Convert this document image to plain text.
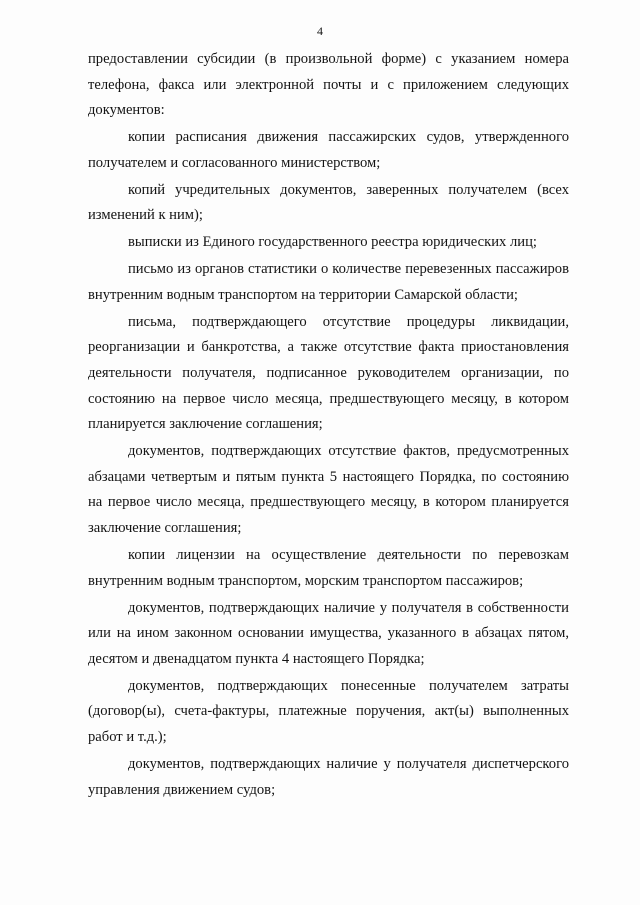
4

предоставлении субсидии (в произвольной форме) с указанием номера телефона, факса или электронной почты и с приложением следующих документов:

копии расписания движения пассажирских судов, утвержденного получателем и согласованного министерством;

копий учредительных документов, заверенных получателем (всех изменений к ним);

выписки из Единого государственного реестра юридических лиц;

письмо из органов статистики о количестве перевезенных пассажиров внутренним водным транспортом на территории Самарской области;

письма, подтверждающего отсутствие процедуры ликвидации, реорганизации и банкротства, а также отсутствие факта приостановления деятельности получателя, подписанное руководителем организации, по состоянию на первое число месяца, предшествующего месяцу, в котором планируется заключение соглашения;

документов, подтверждающих отсутствие фактов, предусмотренных абзацами четвертым и пятым пункта 5 настоящего Порядка, по состоянию на первое число месяца, предшествующего месяцу, в котором планируется заключение соглашения;

копии лицензии на осуществление деятельности по перевозкам внутренним водным транспортом, морским транспортом пассажиров;

документов, подтверждающих наличие у получателя в собственности или на ином законном основании имущества, указанного в абзацах пятом, десятом и двенадцатом пункта 4 настоящего Порядка;

документов, подтверждающих понесенные получателем затраты (договор(ы), счета-фактуры, платежные поручения, акт(ы) выполненных работ и т.д.);

документов, подтверждающих наличие у получателя диспетчерского управления движением судов;
